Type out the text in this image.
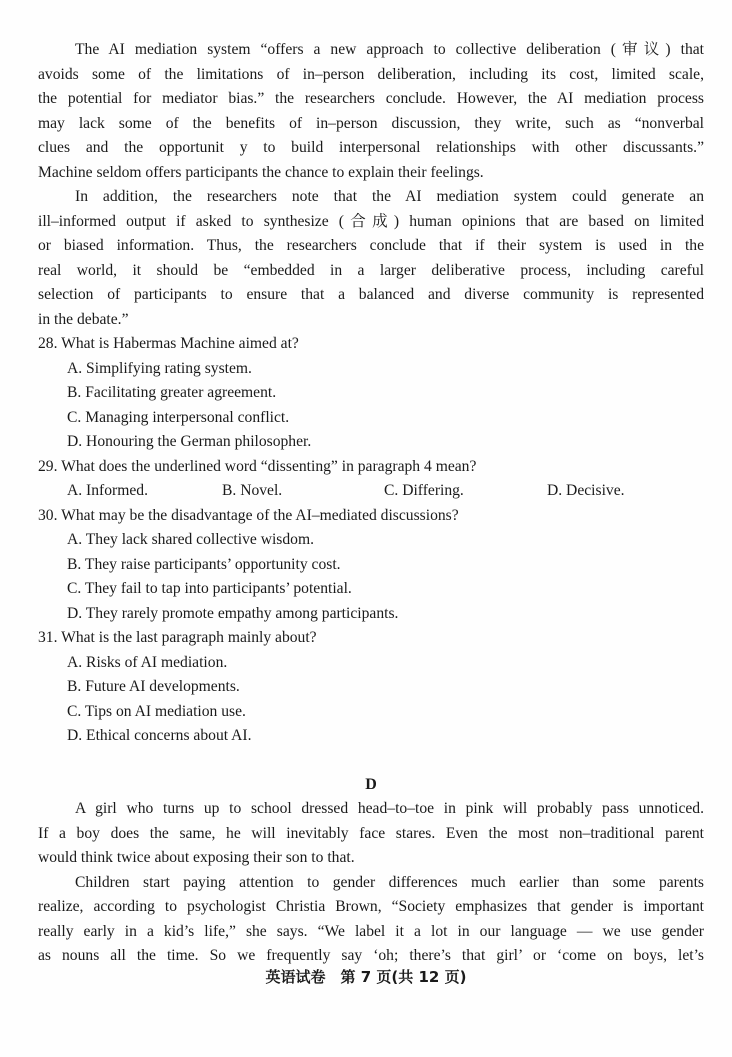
The AI mediation system “offers a new approach to collective deliberation (审议) that
avoids some of the limitations of in–person deliberation, including its cost, limited scale,
the potential for mediator bias.” the researchers conclude. However, the AI mediation process
may lack some of the benefits of in–person discussion, they write, such as “nonverbal
clues and the opportunit y to build interpersonal relationships with other discussants.”
Machine seldom offers participants the chance to explain their feelings.
In addition, the researchers note that the AI mediation system could generate an
ill–informed output if asked to synthesize (合成) human opinions that are based on limited
or biased information. Thus, the researchers conclude that if their system is used in the
real world, it should be “embedded in a larger deliberative process, including careful
selection of participants to ensure that a balanced and diverse community is represented
in the debate.”
28. What is Habermas Machine aimed at?
A. Simplifying rating system.
B. Facilitating greater agreement.
C. Managing interpersonal conflict.
D. Honouring the German philosopher.
29. What does the underlined word “dissenting” in paragraph 4 mean?
A. Informed.	B. Novel.	C. Differing.	D. Decisive.
30. What may be the disadvantage of the AI–mediated discussions?
A. They lack shared collective wisdom.
B. They raise participants’ opportunity cost.
C. They fail to tap into participants’ potential.
D. They rarely promote empathy among participants.
31. What is the last paragraph mainly about?
A. Risks of AI mediation.
B. Future AI developments.
C. Tips on AI mediation use.
D. Ethical concerns about AI.
D
A girl who turns up to school dressed head–to–toe in pink will probably pass unnoticed.
If a boy does the same, he will inevitably face stares. Even the most non–traditional parent
would think twice about exposing their son to that.
Children start paying attention to gender differences much earlier than some parents
realize, according to psychologist Christia Brown, “Society emphasizes that gender is important
really early in a kid’s life,” she says. “We label it a lot in our language — we use gender
as nouns all the time. So we frequently say ‘oh; there’s that girl’ or ‘come on boys, let’s
英语试卷　第 7 页(共 12 页)
